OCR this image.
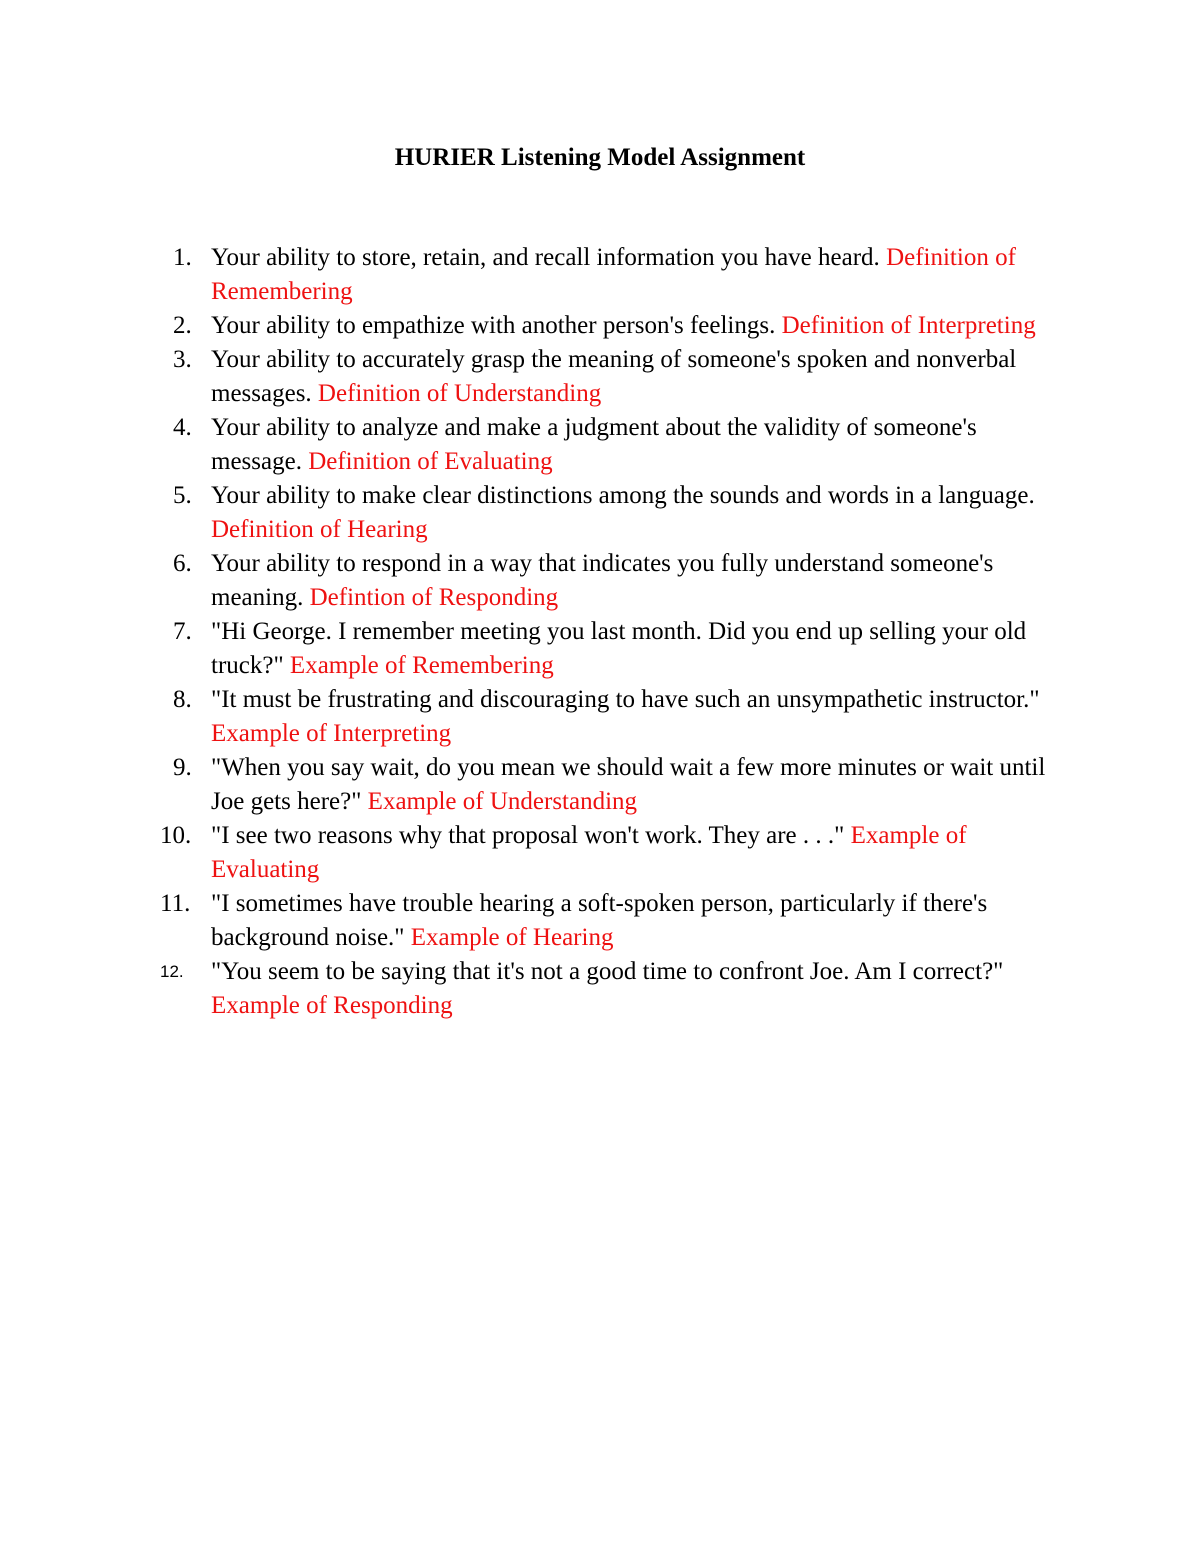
HURIER Listening Model Assignment
1. Your ability to store, retain, and recall information you have heard. Definition of Remembering
2. Your ability to empathize with another person's feelings. Definition of Interpreting
3. Your ability to accurately grasp the meaning of someone's spoken and nonverbal messages. Definition of Understanding
4. Your ability to analyze and make a judgment about the validity of someone's message. Definition of Evaluating
5. Your ability to make clear distinctions among the sounds and words in a language. Definition of Hearing
6. Your ability to respond in a way that indicates you fully understand someone's meaning. Defintion of Responding
7. "Hi George. I remember meeting you last month. Did you end up selling your old truck?" Example of Remembering
8. "It must be frustrating and discouraging to have such an unsympathetic instructor." Example of Interpreting
9. "When you say wait, do you mean we should wait a few more minutes or wait until Joe gets here?" Example of Understanding
10. "I see two reasons why that proposal won't work. They are . . ." Example of Evaluating
11. "I sometimes have trouble hearing a soft-spoken person, particularly if there's background noise." Example of Hearing
12. "You seem to be saying that it's not a good time to confront Joe. Am I correct?" Example of Responding
